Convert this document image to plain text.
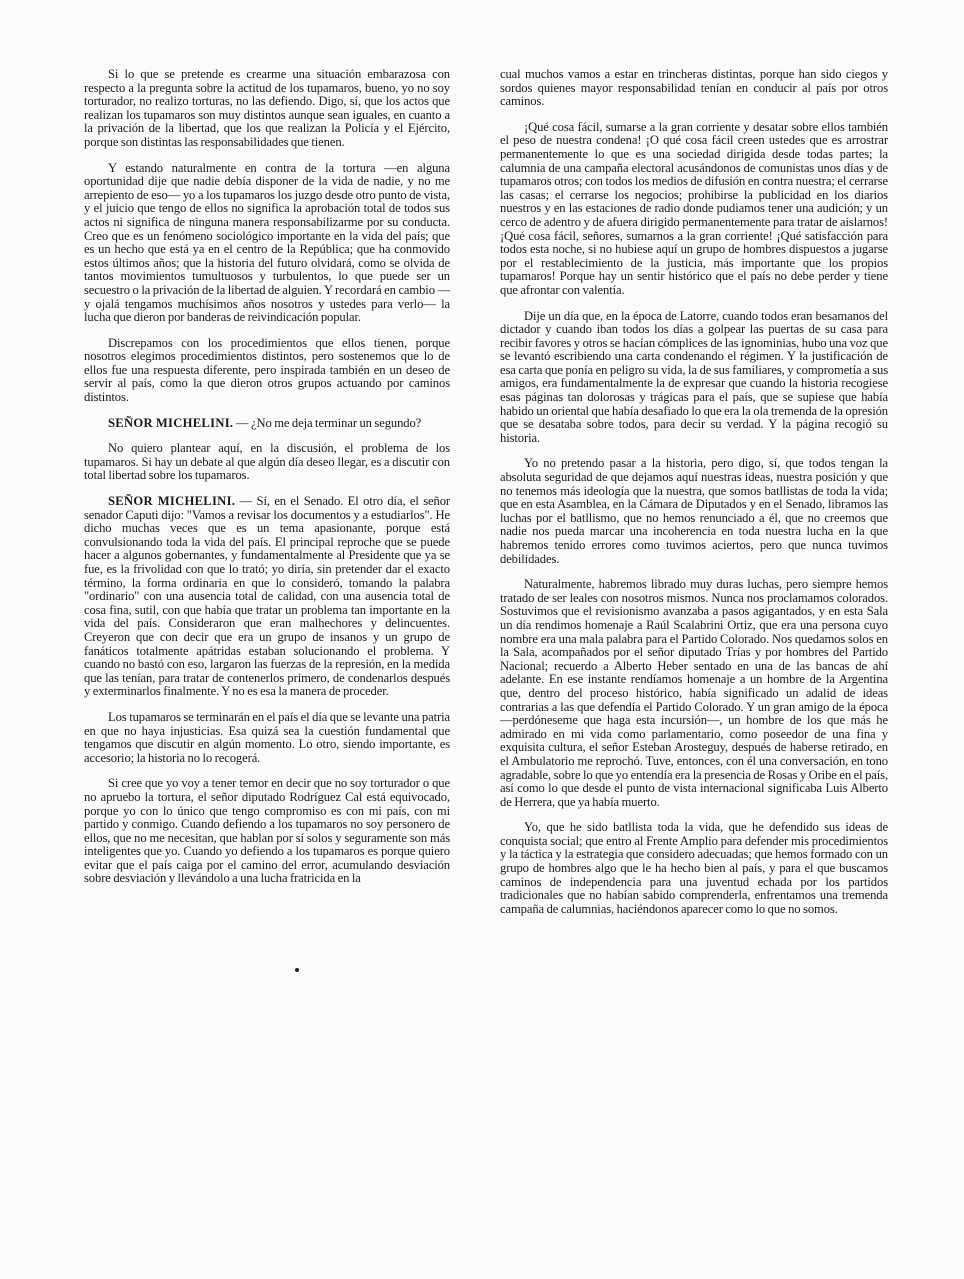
Si lo que se pretende es crearme una situación embarazosa con respecto a la pregunta sobre la actitud de los tupamaros, bueno, yo no soy torturador, no realizo torturas, no las defiendo. Digo, sí, que los actos que realizan los tupamaros son muy distintos aunque sean iguales, en cuanto a la privación de la libertad, que los que realizan la Policía y el Ejército, porque son distintas las responsabilidades que tienen.

Y estando naturalmente en contra de la tortura —en alguna oportunidad dije que nadie debía disponer de la vida de nadie, y no me arrepiento de eso— yo a los tupamaros los juzgo desde otro punto de vista, y el juicio que tengo de ellos no significa la aprobación total de todos sus actos ni significa de ninguna manera responsabilizarme por su conducta. Creo que es un fenómeno sociológico importante en la vida del país; que es un hecho que está ya en el centro de la República; que ha conmovido estos últimos años; que la historia del futuro olvidará, como se olvida de tantos movimientos tumultuosos y turbulentos, lo que puede ser un secuestro o la privación de la libertad de alguien. Y recordará en cambio —y ojalá tengamos muchísimos años nosotros y ustedes para verlo— la lucha que dieron por banderas de reivindicación popular.

Discrepamos con los procedimientos que ellos tienen, porque nosotros elegimos procedimientos distintos, pero sostenemos que lo de ellos fue una respuesta diferente, pero inspirada también en un deseo de servir al país, como la que dieron otros grupos actuando por caminos distintos.

SEÑOR MICHELINI. — ¿No me deja terminar un segundo?

No quiero plantear aquí, en la discusión, el problema de los tupamaros. Si hay un debate al que algún día deseo llegar, es a discutir con total libertad sobre los tupamaros.

SEÑOR MICHELINI. — Sí, en el Senado. El otro día, el señor senador Caputi dijo: "Vamos a revisar los documentos y a estudiarlos". He dicho muchas veces que es un tema apasionante, porque está convulsionando toda la vida del país. El principal reproche que se puede hacer a algunos gobernantes, y fundamentalmente al Presidente que ya se fue, es la frivolidad con que lo trató; yo diría, sin pretender dar el exacto término, la forma ordinaria en que lo consideró, tomando la palabra "ordinario" con una ausencia total de calidad, con una ausencia total de cosa fina, sutil, con que había que tratar un problema tan importante en la vida del país. Consideraron que eran malhechores y delincuentes. Creyeron que con decir que era un grupo de insanos y un grupo de fanáticos totalmente apátridas estaban solucionando el problema. Y cuando no bastó con eso, largaron las fuerzas de la represión, en la medida que las tenían, para tratar de contenerlos primero, de condenarlos después y exterminarlos finalmente. Y no es esa la manera de proceder.

Los tupamaros se terminarán en el país el día que se levante una patria en que no haya injusticias. Esa quizá sea la cuestión fundamental que tengamos que discutir en algún momento. Lo otro, siendo importante, es accesorio; la historia no lo recogerá.

Si cree que yo voy a tener temor en decir que no soy torturador o que no apruebo la tortura, el señor diputado Rodríguez Cal está equivocado, porque yo con lo único que tengo compromiso es con mi país, con mi partido y conmigo. Cuando defiendo a los tupamaros no soy personero de ellos, que no me necesitan, que hablan por sí solos y seguramente son más inteligentes que yo. Cuando yo defiendo a los tupamaros es porque quiero evitar que el país caiga por el camino del error, acumulando desviación sobre desviación y llevándolo a una lucha fratricida en la

cual muchos vamos a estar en trincheras distintas, porque han sido ciegos y sordos quienes mayor responsabilidad tenían en conducir al país por otros caminos.

¡Qué cosa fácil, sumarse a la gran corriente y desatar sobre ellos también el peso de nuestra condena! ¡O qué cosa fácil creen ustedes que es arrostrar permanentemente lo que es una sociedad dirigida desde todas partes; la calumnia de una campaña electoral acusándonos de comunistas unos días y de tupamaros otros; con todos los medios de difusión en contra nuestra; el cerrarse las casas; el cerrarse los negocios; prohibirse la publicidad en los diarios nuestros y en las estaciones de radio donde pudiamos tener una audición; y un cerco de adentro y de afuera dirigido permanentemente para tratar de aislarnos! ¡Qué cosa fácil, señores, sumarnos a la gran corriente! ¡Qué satisfacción para todos esta noche, si no hubiese aquí un grupo de hombres dispuestos a jugarse por el restablecimiento de la justicia, más importante que los propios tupamaros! Porque hay un sentir histórico que el país no debe perder y tiene que afrontar con valentía.

Dije un día que, en la época de Latorre, cuando todos eran besamanos del dictador y cuando iban todos los días a golpear las puertas de su casa para recibir favores y otros se hacían cómplices de las ignominias, hubo una voz que se levantó escribiendo una carta condenando el régimen. Y la justificación de esa carta que ponía en peligro su vida, la de sus familiares, y comprometía a sus amigos, era fundamentalmente la de expresar que cuando la historia recogiese esas páginas tan dolorosas y trágicas para el país, que se supiese que había habido un oriental que había desafiado lo que era la ola tremenda de la opresión que se desataba sobre todos, para decir su verdad. Y la página recogió su historia.

Yo no pretendo pasar a la historia, pero digo, sí, que todos tengan la absoluta seguridad de que dejamos aquí nuestras ideas, nuestra posición y que no tenemos más ideología que la nuestra, que somos batllistas de toda la vida; que en esta Asamblea, en la Cámara de Diputados y en el Senado, libramos las luchas por el batllismo, que no hemos renunciado a él, que no creemos que nadie nos pueda marcar una incoherencia en toda nuestra lucha en la que habremos tenido errores como tuvimos aciertos, pero que nunca tuvimos debilidades.

Naturalmente, habremos librado muy duras luchas, pero siempre hemos tratado de ser leales con nosotros mismos. Nunca nos proclamamos colorados. Sostuvimos que el revisionismo avanzaba a pasos agigantados, y en esta Sala un día rendimos homenaje a Raúl Scalabrini Ortiz, que era una persona cuyo nombre era una mala palabra para el Partido Colorado. Nos quedamos solos en la Sala, acompañados por el señor diputado Trías y por hombres del Partido Nacional; recuerdo a Alberto Heber sentado en una de las bancas de ahí adelante. En ese instante rendíamos homenaje a un hombre de la Argentina que, dentro del proceso histórico, había significado un adalid de ideas contrarias a las que defendía el Partido Colorado. Y un gran amigo de la época —perdóneseme que haga esta incursión—, un hombre de los que más he admirado en mi vida como parlamentario, como poseedor de una fina y exquisita cultura, el señor Esteban Arosteguy, después de haberse retirado, en el Ambulatorio me reprochó. Tuve, entonces, con él una conversación, en tono agradable, sobre lo que yo entendía era la presencia de Rosas y Oribe en el país, así como lo que desde el punto de vista internacional significaba Luis Alberto de Herrera, que ya había muerto.

Yo, que he sido batllista toda la vida, que he defendido sus ideas de conquista social; que entro al Frente Amplio para defender mis procedimientos y la táctica y la estrategia que considero adecuadas; que hemos formado con un grupo de hombres algo que le ha hecho bien al país, y para el que buscamos caminos de independencia para una juventud echada por los partidos tradicionales que no habían sabido comprenderla, enfrentamos una tremenda campaña de calumnias, haciéndonos aparecer como lo que no somos.
